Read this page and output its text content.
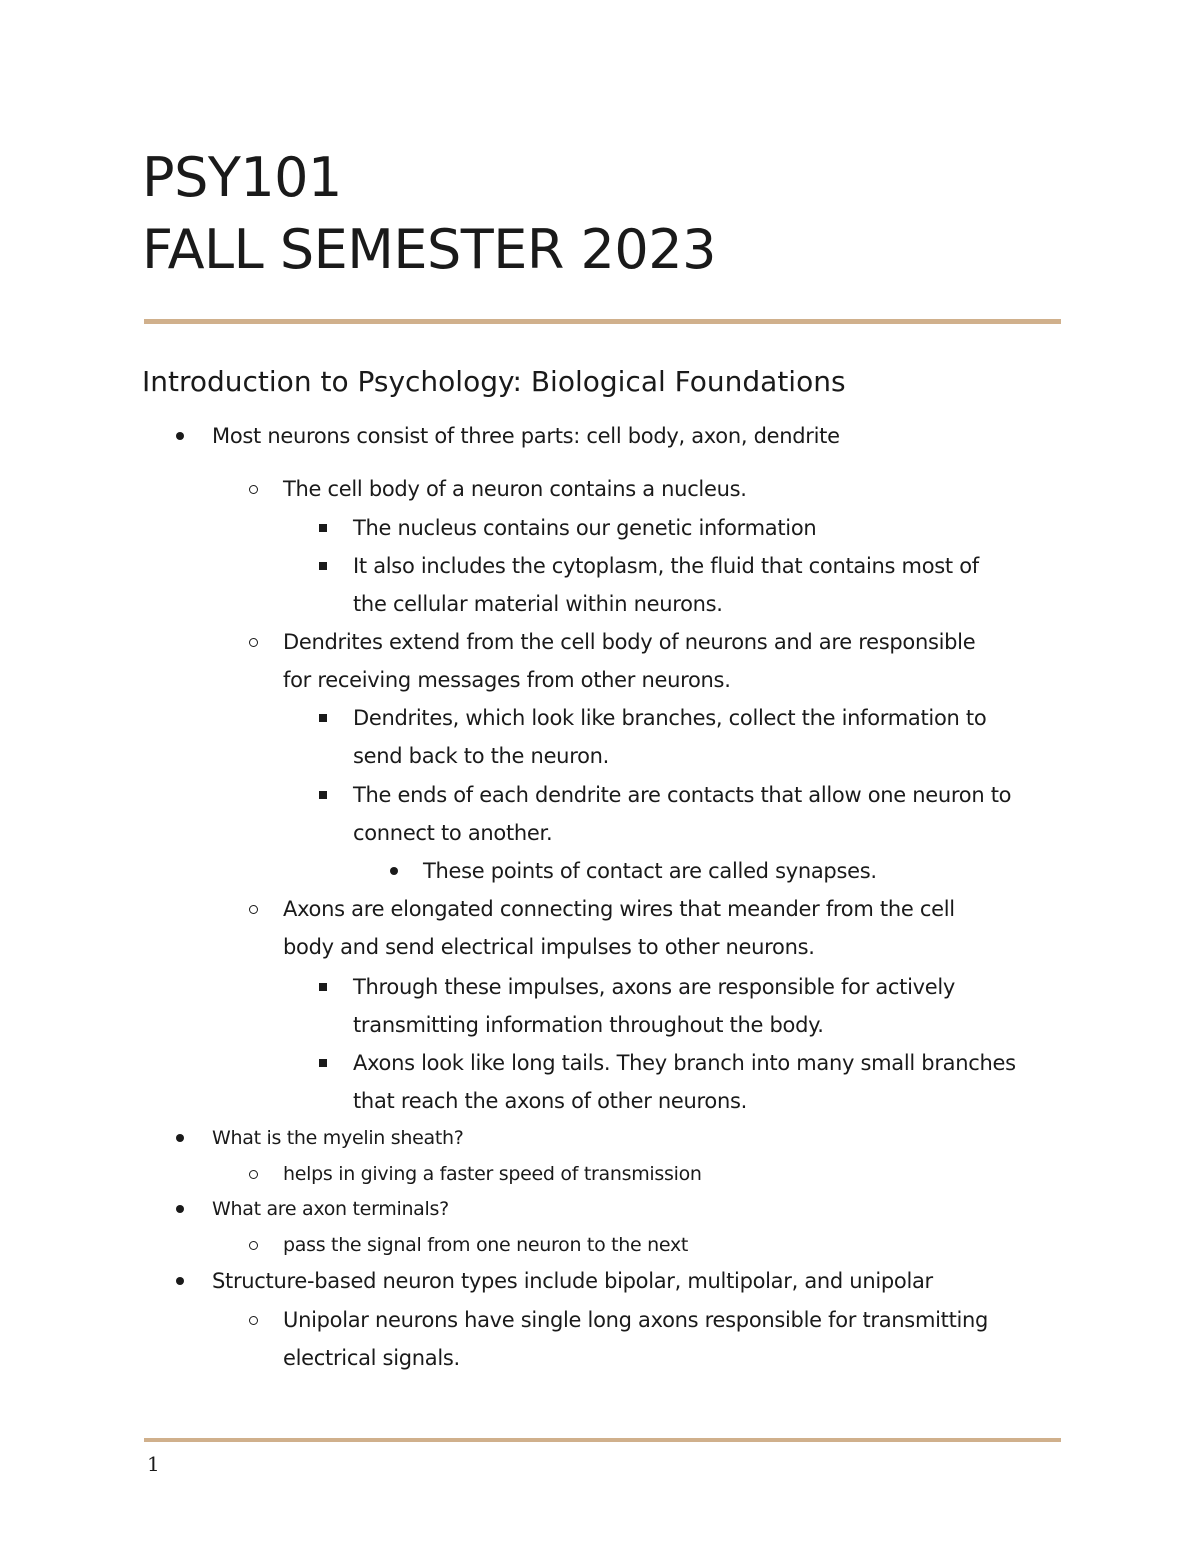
PSY101
FALL SEMESTER 2023
Introduction to Psychology: Biological Foundations
Most neurons consist of three parts: cell body, axon, dendrite
The cell body of a neuron contains a nucleus.
The nucleus contains our genetic information
It also includes the cytoplasm, the fluid that contains most of
the cellular material within neurons.
Dendrites extend from the cell body of neurons and are responsible
for receiving messages from other neurons.
Dendrites, which look like branches, collect the information to
send back to the neuron.
The ends of each dendrite are contacts that allow one neuron to
connect to another.
These points of contact are called synapses.
Axons are elongated connecting wires that meander from the cell
body and send electrical impulses to other neurons.
Through these impulses, axons are responsible for actively
transmitting information throughout the body.
Axons look like long tails. They branch into many small branches
that reach the axons of other neurons.
What is the myelin sheath?
helps in giving a faster speed of transmission
What are axon terminals?
pass the signal from one neuron to the next
Structure-based neuron types include bipolar, multipolar, and unipolar
Unipolar neurons have single long axons responsible for transmitting
electrical signals.
1
